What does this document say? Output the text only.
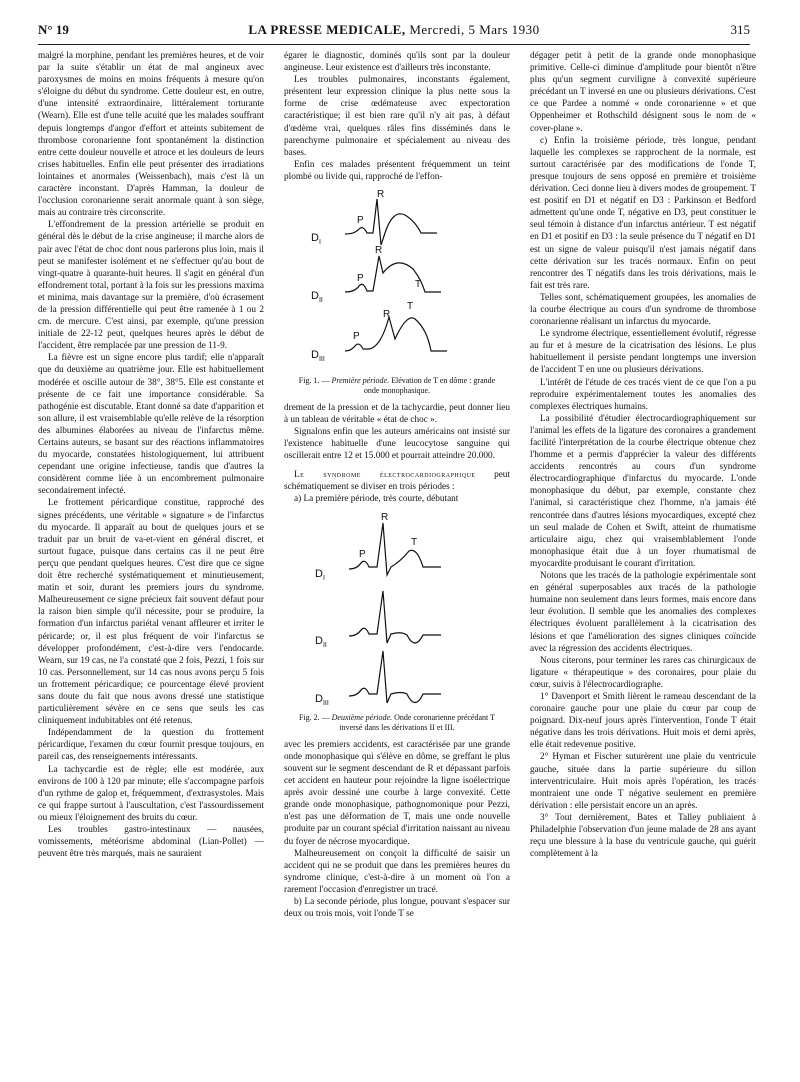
N° 19	LA PRESSE MEDICALE, Mercredi, 5 Mars 1930	315

malgré la morphine, pendant les premières heures, et de voir par la suite s'établir un état de mal angineux avec paroxysmes de moins en moins fréquents à mesure qu'on s'éloigne du début du syndrome. Cette douleur est, en outre, d'une intensité extraordinaire, littéralement torturante (Wearn). Elle est d'une telle acuité que les malades souffrant depuis longtemps d'angor d'effort et atteints subitement de thrombose coronarienne font spontanément la distinction entre cette douleur nouvelle et atroce et les douleurs de leurs crises habituelles. Enfin elle peut présenter des irradiations lointaines et anormales (Weissenbach), mais c'est là un caractère inconstant. D'après Hamman, la douleur de l'occlusion coronarienne serait anormale quant à son siège, mais au contraire très circonscrite.

L'effondrement de la pression artérielle se produit en général dès le début de la crise angineuse; il marche alors de pair avec l'état de choc dont nous parlerons plus loin, mais il peut se manifester isolément et ne s'effectuer qu'au bout de vingt-quatre à quarante-huit heures. Il s'agit en général d'un effondrement total, portant à la fois sur les pressions maxima et minima, mais davantage sur la première, d'où écrasement de la pression différentielle qui peut être ramenée à 1 ou 2 cm. de mercure. C'est ainsi, par exemple, qu'une pression initiale de 22-12 peut, quelques heures après le début de l'accident, être remplacée par une pression de 11-9.

La fièvre est un signe encore plus tardif; elle n'apparaît que du deuxième au quatrième jour. Elle est habituellement modérée et oscille autour de 38°, 38°5. Elle est constante et présente de ce fait une importance considérable. Sa pathogénie est discutable. Etant donné sa date d'apparition et son allure, il est vraisemblable qu'elle relève de la résorption des albumines élaborées au niveau de l'infarctus même. Certains auteurs, se basant sur des réactions inflammatoires du myocarde, constatées histologiquement, lui attribuent cependant une origine infectieuse, tandis que d'autres la considèrent comme liée à un encombrement pulmonaire secondairement infecté.

Le frottement péricardique constitue, rapproché des signes précédents, une véritable « signature » de l'infarctus du myocarde. Il apparaît au bout de quelques jours et se traduit par un bruit de va-et-vient en général discret, et surtout fugace, puisque dans certains cas il ne peut être perçu que pendant quelques heures. C'est dire que ce signe doit être recherché systématiquement et minutieusement, matin et soir, durant les premiers jours du syndrome. Malheureusement ce signe précieux fait souvent défaut pour la raison bien simple qu'il nécessite, pour se produire, la formation d'un infarctus pariétal venant affleurer et irriter le péricarde; or, il est plus fréquent de voir l'infarctus se développer profondément, c'est-à-dire vers l'endocarde. Wearn, sur 19 cas, ne l'a constaté que 2 fois, Pezzi, 1 fois sur 10 cas. Personnellement, sur 14 cas nous avons perçu 5 fois un frottement péricardique; ce pourcentage élevé provient sans doute du fait que nous avons dressé une statistique particulièrement sévère en ce sens que seuls les cas cliniquement indubitables ont été retenus.

Indépendamment de la question du frottement péricardique, l'examen du cœur fournit presque toujours, en pareil cas, des renseignements intéressants.

La tachycardie est de règle; elle est modérée, aux environs de 100 à 120 par minute; elle s'accompagne parfois d'un rythme de galop et, fréquemment, d'extrasystoles. Mais ce qui frappe surtout à l'auscultation, c'est l'assourdissement ou mieux l'éloignement des bruits du cœur.

Les troubles gastro-intestinaux — nausées, vomissements, météorisme abdominal (Lian-Pollet) — peuvent être très marqués, mais ne sauraient

égarer le diagnostic, dominés qu'ils sont par la douleur angineuse. Leur existence est d'ailleurs très inconstante.

Les troubles pulmonaires, inconstants également, présentent leur expression clinique la plus nette sous la forme de crise œdémateuse avec expectoration caractéristique; il est bien rare qu'il n'y ait pas, à défaut d'œdème vrai, quelques râles fins disséminés dans le parenchyme pulmonaire et spécialement au niveau des bases.

Enfin ces malades présentent fréquemment un teint plombé ou livide qui, rapproché de l'effon-

$D_I$
$D_{II}$
$D_{III}$
P
R
P
R
T
P
R
T
Fig. 1. — Première période. Elévation de T en dôme : grande onde monophasique.

drement de la pression et de la tachycardie, peut donner lieu à un tableau de véritable « état de choc ».

Signalons enfin que les auteurs américains ont insisté sur l'existence habituelle d'une leucocytose sanguine qui oscillerait entre 12 et 15.000 et pourrait atteindre 20.000.

Le syndrome électrocardiographique peut schématiquement se diviser en trois périodes :

a) La première période, très courte, débutant

$D_I$
$D_{II}$
$D_{III}$
P
R
T
Fig. 2. — Deuxième période. Onde coronarienne précédant T inversé dans les dérivations II et III.

avec les premiers accidents, est caractérisée par une grande onde monophasique qui s'élève en dôme, se greffant le plus souvent sur le segment descendant de R et dépassant parfois cet accident en hauteur pour rejoindre la ligne isoélectrique après avoir dessiné une courbe à large convexité. Cette grande onde monophasique, pathognomonique pour Pezzi, n'est pas une déformation de T, mais une onde nouvelle produite par un courant spécial d'irritation naissant au niveau du foyer de nécrose myocardique.

Malheureusement on conçoit la difficulté de saisir un accident qui ne se produit que dans les premières heures du syndrome clinique, c'est-à-dire à un moment où l'on a rarement l'occasion d'enregistrer un tracé.

b) La seconde période, plus longue, pouvant s'espacer sur deux ou trois mois, voit l'onde T se

dégager petit à petit de la grande onde monophasique primitive. Celle-ci diminue d'amplitude pour bientôt n'être plus qu'un segment curviligne à convexité supérieure précédant un T inversé en une ou plusieurs dérivations. C'est ce que Pardee a nommé « onde coronarienne » et que Oppenheimer et Rothschild désignent sous le nom de « cover-plane ».

c) Enfin la troisième période, très longue, pendant laquelle les complexes se rapprochent de la normale, est surtout caractérisée par des modifications de l'onde T, presque toujours de sens opposé en première et troisième dérivation. Ceci donne lieu à divers modes de groupement. T est positif en D1 et négatif en D3 : Parkinson et Bedford admettent qu'une onde T, négative en D3, peut constituer le seul témoin à distance d'un infarctus antérieur. T est négatif en D1 et positif en D3 : la seule présence du T négatif en D1 est un signe de valeur puisqu'il n'est jamais négatif dans cette dérivation sur les tracés normaux. Enfin on peut rencontrer des T négatifs dans les trois dérivations, mais le fait est très rare.

Telles sont, schématiquement groupées, les anomalies de la courbe électrique au cours d'un syndrome de thrombose coronarienne réalisant un infarctus du myocarde.

Le syndrome électrique, essentiellement évolutif, régresse au fur et à mesure de la cicatrisation des lésions. Le plus habituellement il persiste pendant longtemps une inversion de l'accident T en une ou plusieurs dérivations.

L'intérêt de l'étude de ces tracés vient de ce que l'on a pu reproduire expérimentalement toutes les anomalies des complexes électriques humains.

La possibilité d'étudier électrocardiographiquement sur l'animal les effets de la ligature des coronaires a grandement facilité l'interprétation de la courbe électrique obtenue chez l'homme et a permis d'apprécier la valeur des différents accidents rencontrés au cours d'un syndrome électrocardiographique d'infarctus du myocarde. L'onde monophasique du début, par exemple, constante chez l'animal, si caractéristique chez l'homme, n'a jamais été rencontrée dans d'autres lésions myocardiques, excepté chez un seul malade de Cohen et Swift, atteint de rhumatisme articulaire aigu, chez qui vraisemblablement l'onde monophasique était due à un foyer rhumatismal de myocardite produisant le courant d'irritation.

Notons que les tracés de la pathologie expérimentale sont en général superposables aux tracés de la pathologie humaine non seulement dans leurs formes, mais encore dans leur évolution. Il semble que les anomalies des complexes électriques évoluent parallèlement à la cicatrisation des lésions et que l'amélioration des signes cliniques coïncide avec la régression des accidents électriques.

Nous citerons, pour terminer les rares cas chirurgicaux de ligature « thérapeutique » des coronaires, pour plaie du cœur, suivis à l'électrocardiographe.

1° Davenport et Smith lièrent le rameau descendant de la coronaire gauche pour une plaie du cœur par coup de poignard. Dix-neuf jours après l'intervention, l'onde T était négative dans les trois dérivations. Huit mois et demi après, elle était redevenue positive.

2° Hyman et Fischer suturèrent une plaie du ventricule gauche, située dans la partie supérieure du sillon interventriculaire. Huit mois après l'opération, les tracés montraient une onde T négative seulement en première dérivation : elle persistait encore un an après.

3° Tout dernièrement, Bates et Talley publiaient à Philadelphie l'observation d'un jeune malade de 28 ans ayant reçu une blessure à la base du ventricule gauche, qui guérit complètement à la
